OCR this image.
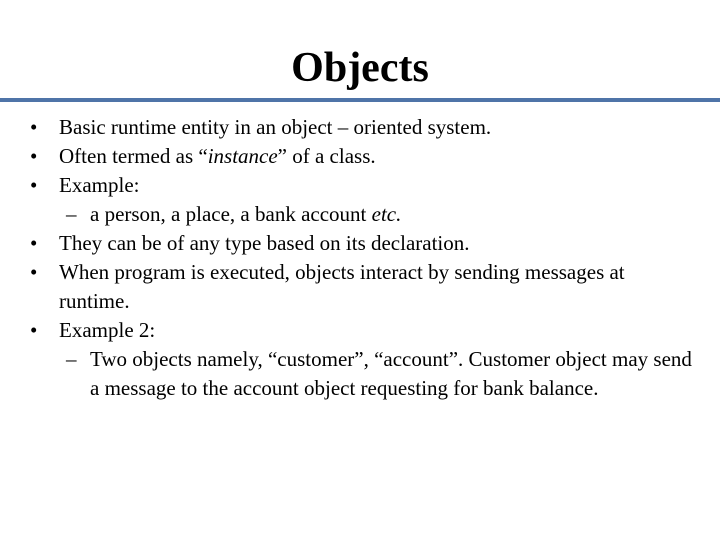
Objects
• Basic runtime entity in an object – oriented system.
• Often termed as “instance” of a class.
• Example:
– a person, a place, a bank account etc.
• They can be of any type based on its declaration.
• When program is executed, objects interact by sending messages at runtime.
• Example 2:
– Two objects namely, “customer”, “account”. Customer object may send a message to the account object requesting for bank balance.
